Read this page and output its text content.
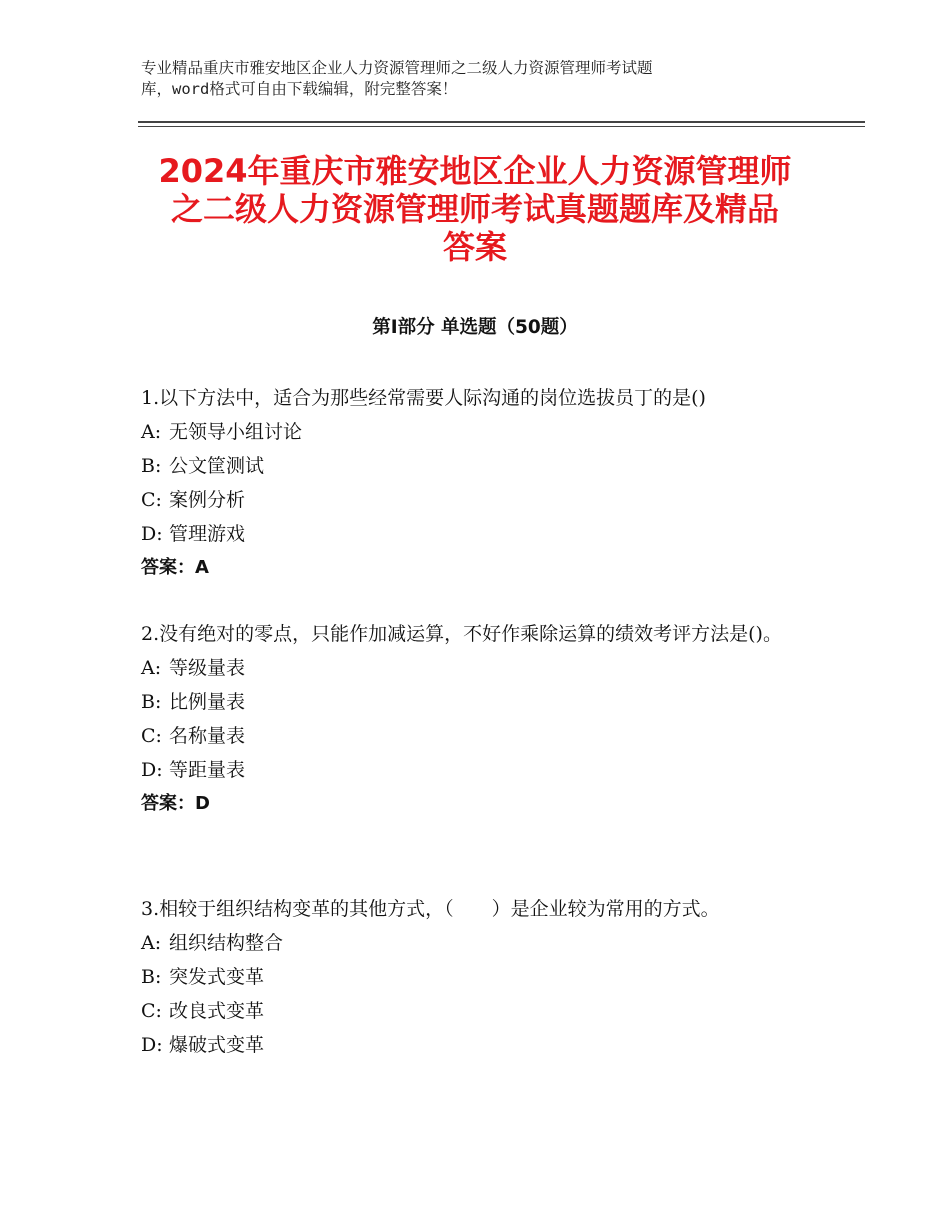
专业精品重庆市雅安地区企业人力资源管理师之二级人力资源管理师考试题
库，word格式可自由下载编辑，附完整答案！
2024年重庆市雅安地区企业人力资源管理师
之二级人力资源管理师考试真题题库及精品
答案
第Ⅰ部分 单选题（50题）

1.以下方法中，适合为那些经常需要人际沟通的岗位选拔员丁的是()

A: 无领导小组讨论
B: 公文筐测试
C: 案例分析
D: 管理游戏
答案：A

2.没有绝对的零点，只能作加减运算，不好作乘除运算的绩效考评方法是()。

A: 等级量表
B: 比例量表
C: 名称量表
D: 等距量表
答案：D

3.相较于组织结构变革的其他方式，（　　）是企业较为常用的方式。

A: 组织结构整合
B: 突发式变革
C: 改良式变革
D: 爆破式变革
